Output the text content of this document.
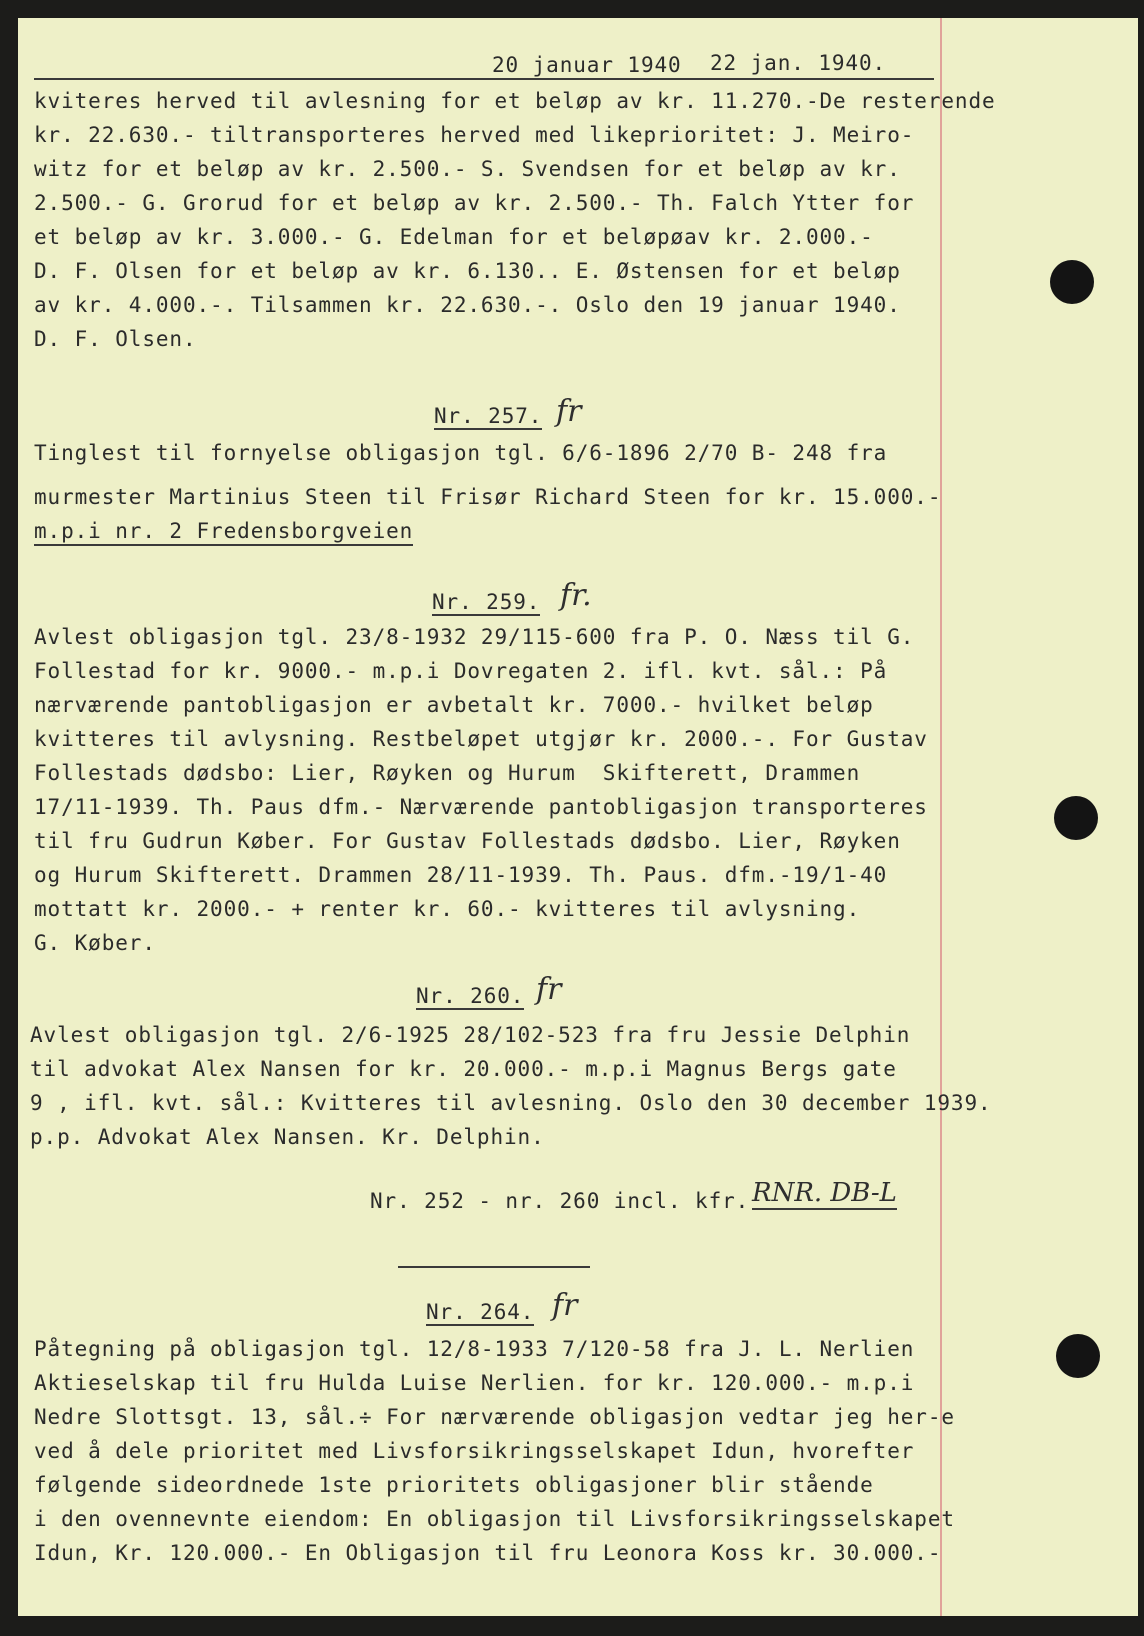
20 januar 1940 22 jan. 1940.
kviteres herved til avlesning for et beløp av kr. 11.270.-De resterende
kr. 22.630.- tiltransporteres herved med likeprioritet: J. Meiro-
witz for et beløp av kr. 2.500.- S. Svendsen for et beløp av kr.
2.500.- G. Grorud for et beløp av kr. 2.500.- Th. Falch Ytter for
et beløp av kr. 3.000.- G. Edelman for et beløpøav kr. 2.000.-
D. F. Olsen for et beløp av kr. 6.130.. E. Østensen for et beløp
av kr. 4.000.-. Tilsammen kr. 22.630.-. Oslo den 19 januar 1940.
D. F. Olsen.
Nr. 257. fr
Tinglest til fornyelse obligasjon tgl. 6/6-1896 2/70 B- 248 fra
murmester Martinius Steen til Frisør Richard Steen for kr. 15.000.-
m.p.i nr. 2 Fredensborgveien
Nr. 259. fr.
Avlest obligasjon tgl. 23/8-1932 29/115-600 fra P. O. Næss til G.
Follestad for kr. 9000.- m.p.i Dovregaten 2. ifl. kvt. sål.: På
nærværende pantobligasjon er avbetalt kr. 7000.- hvilket beløp
kvitteres til avlysning. Restbeløpet utgjør kr. 2000.-. For Gustav
Follestads dødsbo: Lier, Røyken og Hurum  Skifterett, Drammen
17/11-1939. Th. Paus dfm.- Nærværende pantobligasjon transporteres
til fru Gudrun Køber. For Gustav Follestads dødsbo. Lier, Røyken
og Hurum Skifterett. Drammen 28/11-1939. Th. Paus. dfm.-19/1-40
mottatt kr. 2000.- + renter kr. 60.- kvitteres til avlysning.
G. Køber.
Nr. 260. fr
Avlest obligasjon tgl. 2/6-1925 28/102-523 fra fru Jessie Delphin
til advokat Alex Nansen for kr. 20.000.- m.p.i Magnus Bergs gate
9 , ifl. kvt. sål.: Kvitteres til avlesning. Oslo den 30 december 1939.
p.p. Advokat Alex Nansen. Kr. Delphin.
Nr. 252 - nr. 260 incl. kfr. RNR. DB-L
Nr. 264. fr
Påtegning på obligasjon tgl. 12/8-1933 7/120-58 fra J. L. Nerlien
Aktieselskap til fru Hulda Luise Nerlien. for kr. 120.000.- m.p.i
Nedre Slottsgt. 13, sål.÷ For nærværende obligasjon vedtar jeg her-e
ved å dele prioritet med Livsforsikringsselskapet Idun, hvorefter
følgende sideordnede 1ste prioritets obligasjoner blir stående
i den ovennevnte eiendom: En obligasjon til Livsforsikringsselskapet
Idun, Kr. 120.000.- En Obligasjon til fru Leonora Koss kr. 30.000.-
